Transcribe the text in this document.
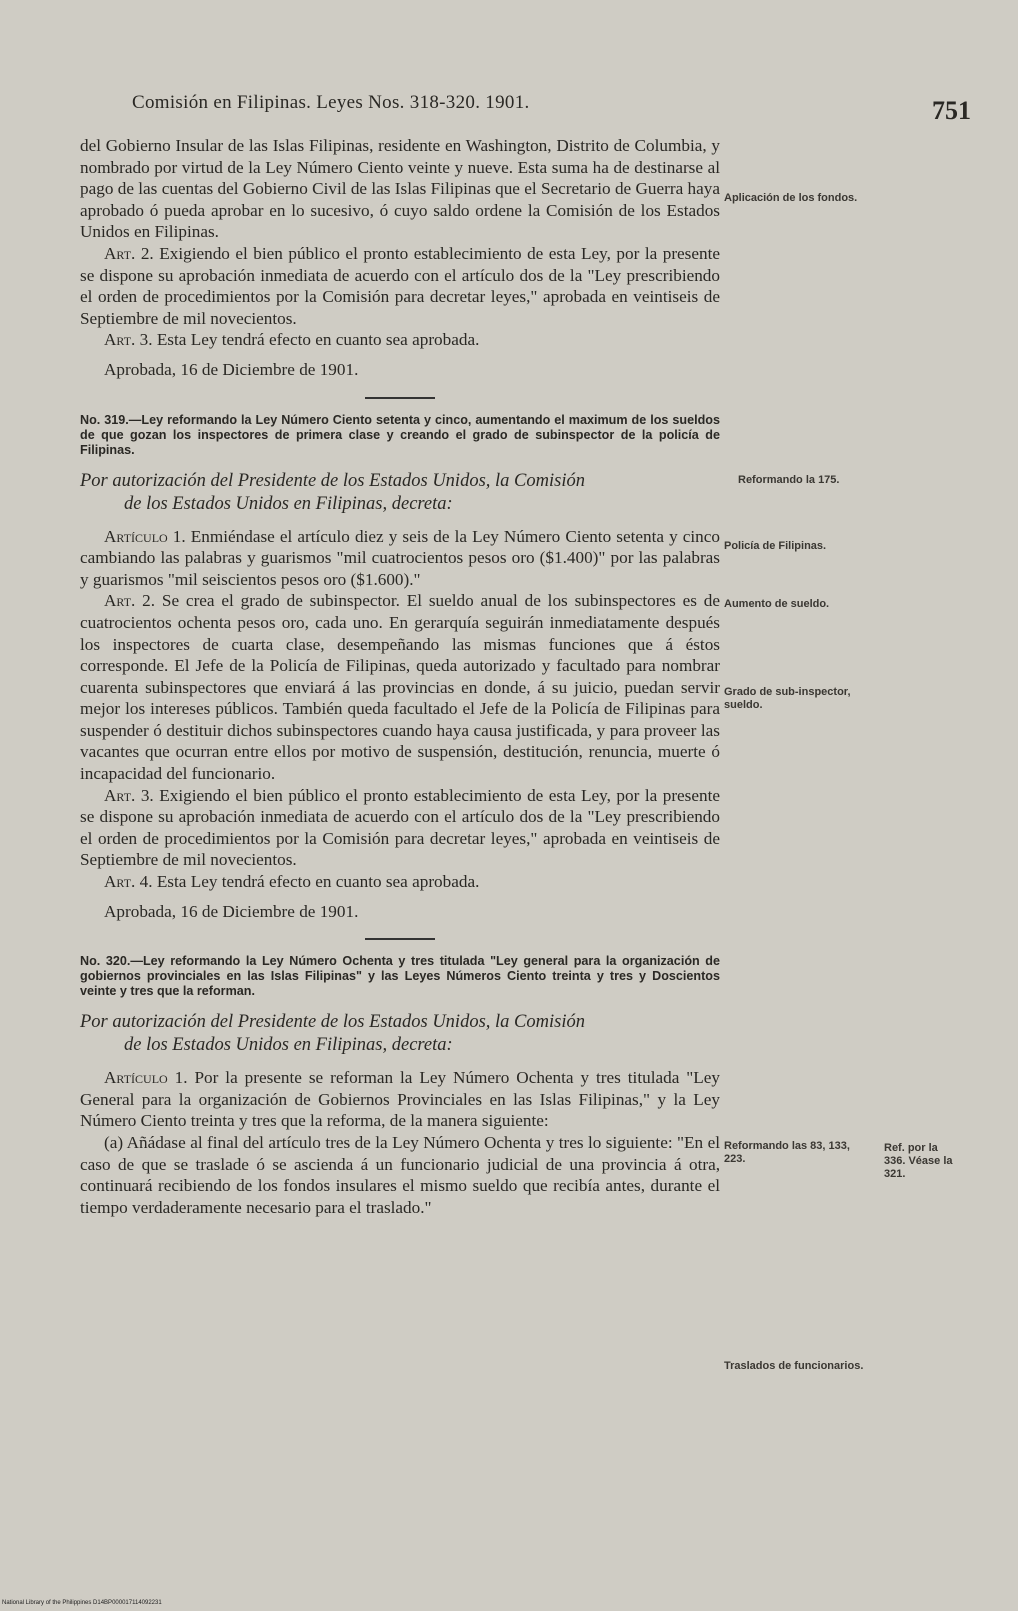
Comisión en Filipinas. Leyes Nos. 318-320. 1901.	751

del Gobierno Insular de las Islas Filipinas, residente en Washington, Distrito de Columbia, y nombrado por virtud de la Ley Número Ciento veinte y nueve. Esta suma ha de destinarse al pago de las cuentas del Gobierno Civil de las Islas Filipinas que el Secretario de Guerra haya aprobado ó pueda aprobar en lo sucesivo, ó cuyo saldo ordene la Comisión de los Estados Unidos en Filipinas.

Art. 2. Exigiendo el bien público el pronto establecimiento de esta Ley, por la presente se dispone su aprobación inmediata de acuerdo con el artículo dos de la "Ley prescribiendo el orden de procedimientos por la Comisión para decretar leyes," aprobada en veintiseis de Septiembre de mil novecientos.

Art. 3. Esta Ley tendrá efecto en cuanto sea aprobada.

Aprobada, 16 de Diciembre de 1901.

No. 319.—Ley reformando la Ley Número Ciento setenta y cinco, aumentando el maximum de los sueldos de que gozan los inspectores de primera clase y creando el grado de subinspector de la policía de Filipinas.

Por autorización del Presidente de los Estados Unidos, la Comisión
de los Estados Unidos en Filipinas, decreta:

Artículo 1. Enmiéndase el artículo diez y seis de la Ley Número Ciento setenta y cinco cambiando las palabras y guarismos "mil cuatrocientos pesos oro ($1.400)" por las palabras y guarismos "mil seiscientos pesos oro ($1.600)."

Art. 2. Se crea el grado de subinspector. El sueldo anual de los subinspectores es de cuatrocientos ochenta pesos oro, cada uno. En gerarquía seguirán inmediatamente después los inspectores de cuarta clase, desempeñando las mismas funciones que á éstos corresponde. El Jefe de la Policía de Filipinas, queda autorizado y facultado para nombrar cuarenta subinspectores que enviará á las provincias en donde, á su juicio, puedan servir mejor los intereses públicos. También queda facultado el Jefe de la Policía de Filipinas para suspender ó destituir dichos subinspectores cuando haya causa justificada, y para proveer las vacantes que ocurran entre ellos por motivo de suspensión, destitución, renuncia, muerte ó incapacidad del funcionario.

Art. 3. Exigiendo el bien público el pronto establecimiento de esta Ley, por la presente se dispone su aprobación inmediata de acuerdo con el artículo dos de la "Ley prescribiendo el orden de procedimientos por la Comisión para decretar leyes," aprobada en veintiseis de Septiembre de mil novecientos.

Art. 4. Esta Ley tendrá efecto en cuanto sea aprobada.

Aprobada, 16 de Diciembre de 1901.

No. 320.—Ley reformando la Ley Número Ochenta y tres titulada "Ley general para la organización de gobiernos provinciales en las Islas Filipinas" y las Leyes Números Ciento treinta y tres y Doscientos veinte y tres que la reforman.

Por autorización del Presidente de los Estados Unidos, la Comisión
de los Estados Unidos en Filipinas, decreta:

Artículo 1. Por la presente se reforman la Ley Número Ochenta y tres titulada "Ley General para la organización de Gobiernos Provinciales en las Islas Filipinas," y la Ley Número Ciento treinta y tres que la reforma, de la manera siguiente:

(a) Añádase al final del artículo tres de la Ley Número Ochenta y tres lo siguiente: "En el caso de que se traslade ó se ascienda á un funcionario judicial de una provincia á otra, continuará recibiendo de los fondos insulares el mismo sueldo que recibía antes, durante el tiempo verdaderamente necesario para el traslado."

Aplicación de los fondos.
Reformando la 175.
Policía de Filipinas.
Aumento de sueldo.
Grado de sub-inspector, sueldo.
Reformando las 83, 133, 223.
Ref. por la 336. Véase la 321.
Traslados de funcionarios.
National Library of the Philippines D14BP000017114092231
